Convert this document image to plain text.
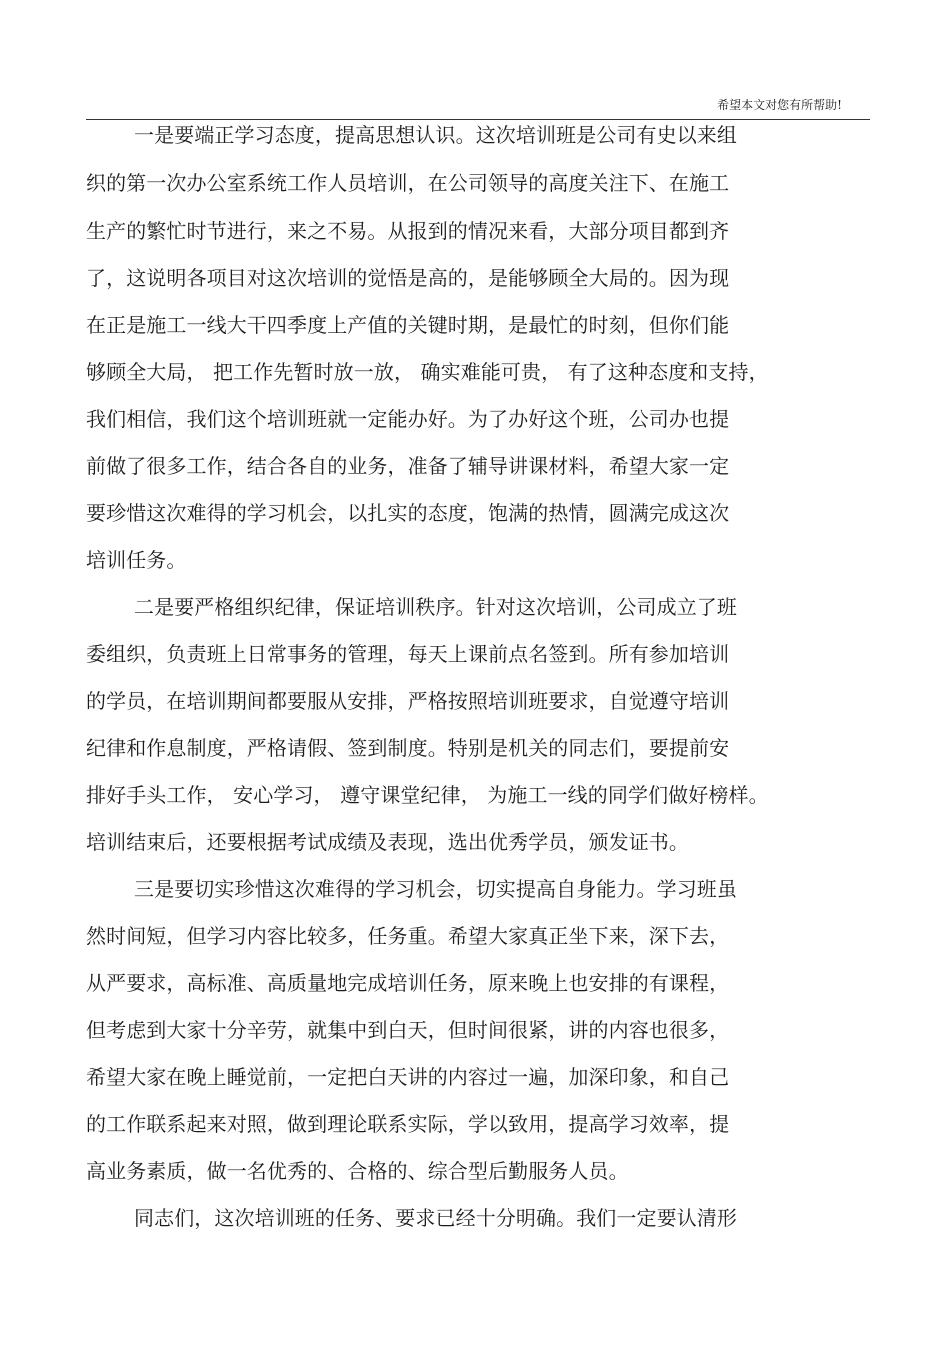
希望本文对您有所帮助!
一是要端正学习态度，提高思想认识。这次培训班是公司有史以来组
织的第一次办公室系统工作人员培训，在公司领导的高度关注下、在施工
生产的繁忙时节进行，来之不易。从报到的情况来看，大部分项目都到齐
了，这说明各项目对这次培训的觉悟是高的，是能够顾全大局的。因为现
在正是施工一线大干四季度上产值的关键时期，是最忙的时刻，但你们能
够顾全大局， 把工作先暂时放一放， 确实难能可贵， 有了这种态度和支持，
我们相信，我们这个培训班就一定能办好。为了办好这个班，公司办也提
前做了很多工作，结合各自的业务，准备了辅导讲课材料，希望大家一定
要珍惜这次难得的学习机会，以扎实的态度，饱满的热情，圆满完成这次
培训任务。
二是要严格组织纪律，保证培训秩序。针对这次培训，公司成立了班
委组织，负责班上日常事务的管理，每天上课前点名签到。所有参加培训
的学员，在培训期间都要服从安排，严格按照培训班要求，自觉遵守培训
纪律和作息制度，严格请假、签到制度。特别是机关的同志们，要提前安
排好手头工作， 安心学习， 遵守课堂纪律， 为施工一线的同学们做好榜样。
培训结束后，还要根据考试成绩及表现，选出优秀学员，颁发证书。
三是要切实珍惜这次难得的学习机会，切实提高自身能力。学习班虽
然时间短，但学习内容比较多，任务重。希望大家真正坐下来，深下去，
从严要求，高标准、高质量地完成培训任务，原来晚上也安排的有课程，
但考虑到大家十分辛劳，就集中到白天，但时间很紧，讲的内容也很多，
希望大家在晚上睡觉前，一定把白天讲的内容过一遍，加深印象，和自己
的工作联系起来对照，做到理论联系实际，学以致用，提高学习效率，提
高业务素质，做一名优秀的、合格的、综合型后勤服务人员。
同志们，这次培训班的任务、要求已经十分明确。我们一定要认清形
